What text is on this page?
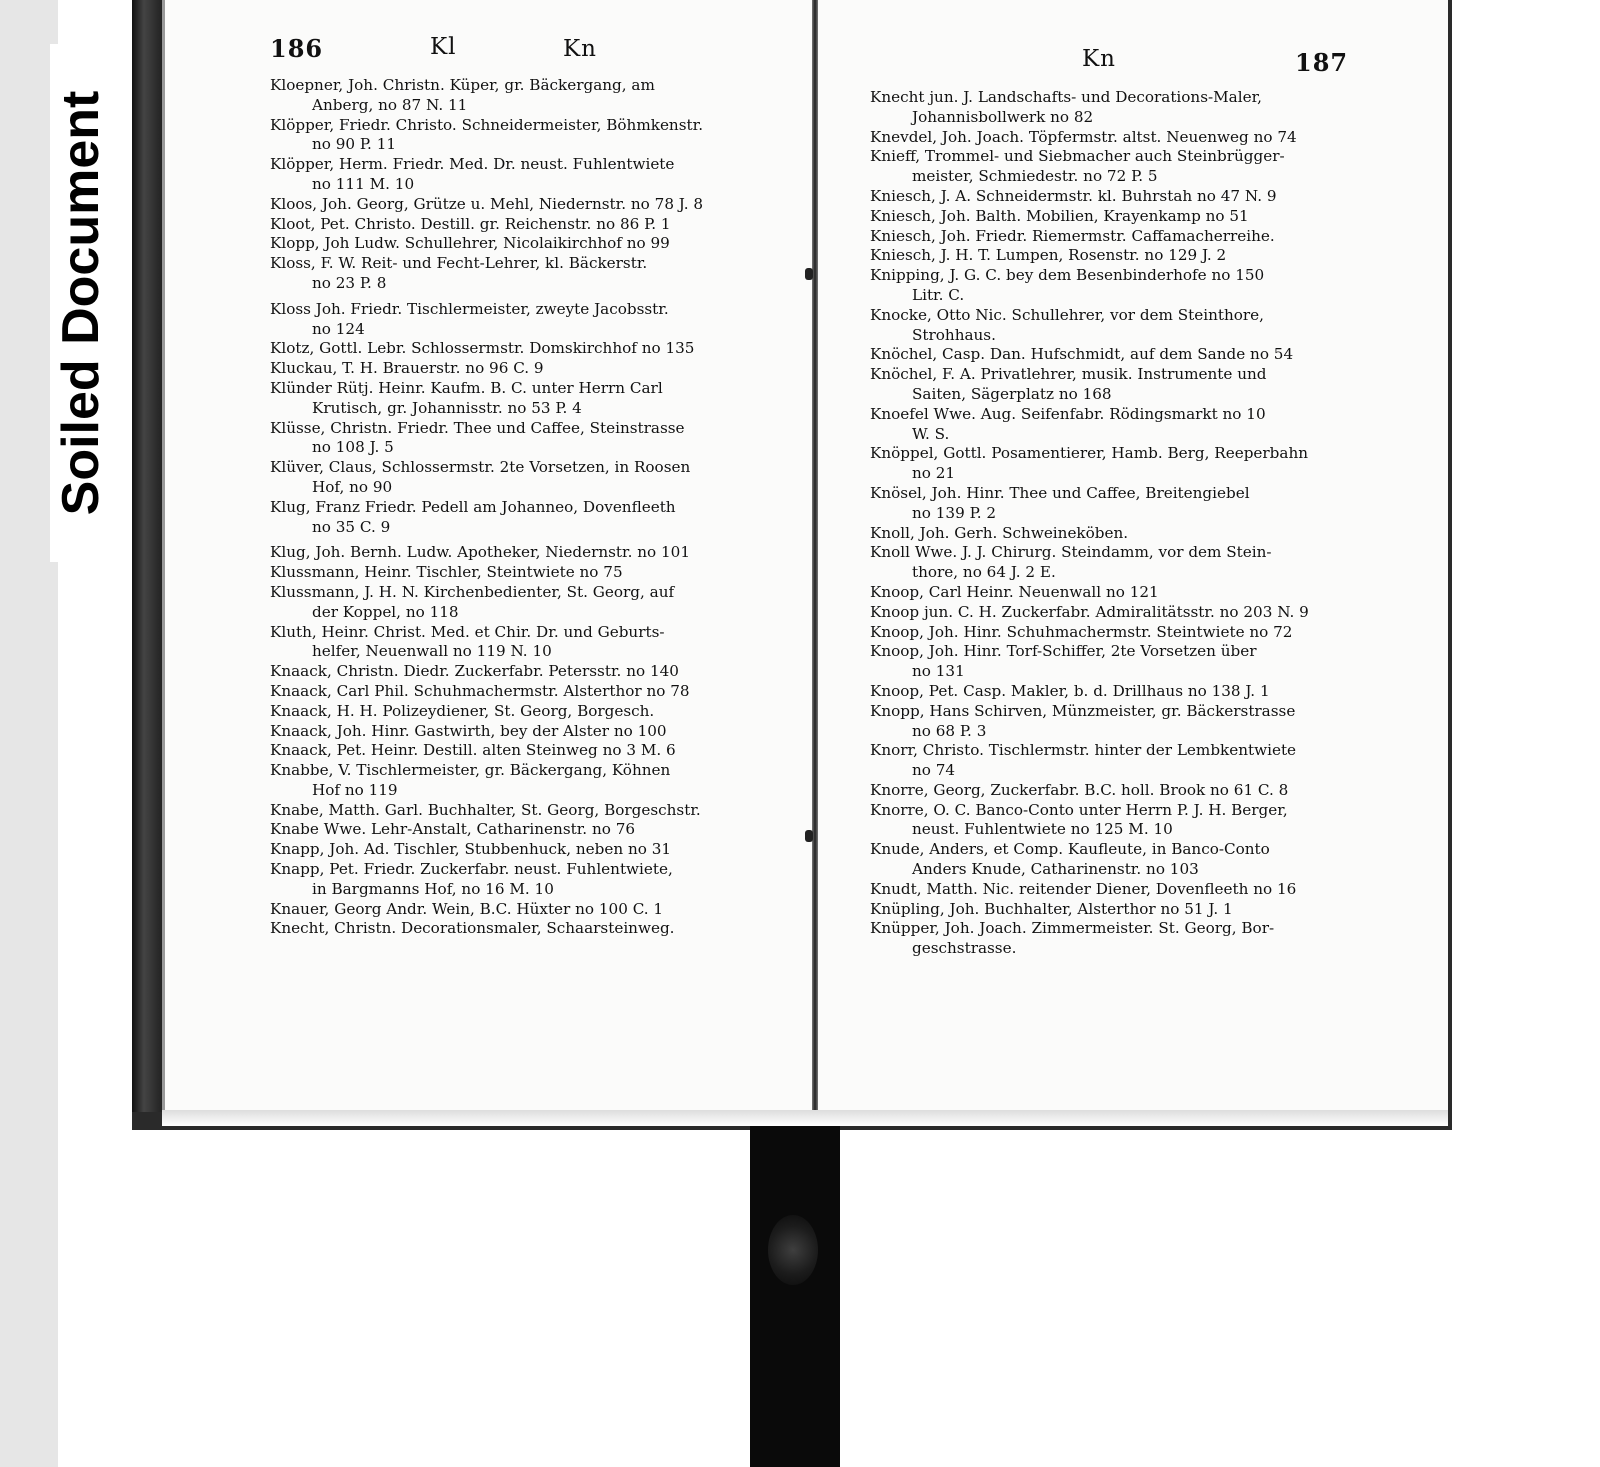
Soiled Document
186	Kl	Kn	Kn	187
Kloepner, Joh. Christn. Küper, gr. Bäckergang, am
Anberg, no 87 N. 11
Klöpper, Friedr. Christo. Schneidermeister, Böhmkenstr.
no 90 P. 11
Klöpper, Herm. Friedr. Med. Dr. neust. Fuhlentwiete
no 111 M. 10
Kloos, Joh. Georg, Grütze u. Mehl, Niedernstr. no 78 J. 8
Kloot, Pet. Christo. Destill. gr. Reichenstr. no 86 P. 1
Klopp, Joh Ludw. Schullehrer, Nicolaikirchhof no 99
Kloss, F. W. Reit- und Fecht-Lehrer, kl. Bäckerstr.
no 23 P. 8
Kloss Joh. Friedr. Tischlermeister, zweyte Jacobsstr.
no 124
Klotz, Gottl. Lebr. Schlossermstr. Domskirchhof no 135
Kluckau, T. H. Brauerstr. no 96 C. 9
Klünder Rütj. Heinr. Kaufm. B. C. unter Herrn Carl
Krutisch, gr. Johannisstr. no 53 P. 4
Klüsse, Christn. Friedr. Thee und Caffee, Steinstrasse
no 108 J. 5
Klüver, Claus, Schlossermstr. 2te Vorsetzen, in Roosen
Hof, no 90
Klug, Franz Friedr. Pedell am Johanneo, Dovenfleeth
no 35 C. 9
Klug, Joh. Bernh. Ludw. Apotheker, Niedernstr. no 101
Klussmann, Heinr. Tischler, Steintwiete no 75
Klussmann, J. H. N. Kirchenbedienter, St. Georg, auf
der Koppel, no 118
Kluth, Heinr. Christ. Med. et Chir. Dr. und Geburts-
helfer, Neuenwall no 119 N. 10
Knaack, Christn. Diedr. Zuckerfabr. Petersstr. no 140
Knaack, Carl Phil. Schuhmachermstr. Alsterthor no 78
Knaack, H. H. Polizeydiener, St. Georg, Borgesch.
Knaack, Joh. Hinr. Gastwirth, bey der Alster no 100
Knaack, Pet. Heinr. Destill. alten Steinweg no 3 M. 6
Knabbe, V. Tischlermeister, gr. Bäckergang, Köhnen
Hof no 119
Knabe, Matth. Garl. Buchhalter, St. Georg, Borgeschstr.
Knabe Wwe. Lehr-Anstalt, Catharinenstr. no 76
Knapp, Joh. Ad. Tischler, Stubbenhuck, neben no 31
Knapp, Pet. Friedr. Zuckerfabr. neust. Fuhlentwiete,
in Bargmanns Hof, no 16 M. 10
Knauer, Georg Andr. Wein, B.C. Hüxter no 100 C. 1
Knecht, Christn. Decorationsmaler, Schaarsteinweg.
Knecht jun. J. Landschafts- und Decorations-Maler,
Johannisbollwerk no 82
Knevdel, Joh. Joach. Töpfermstr. altst. Neuenweg no 74
Knieff, Trommel- und Siebmacher auch Steinbrügger-
meister, Schmiedestr. no 72 P. 5
Kniesch, J. A. Schneidermstr. kl. Buhrstah no 47 N. 9
Kniesch, Joh. Balth. Mobilien, Krayenkamp no 51
Kniesch, Joh. Friedr. Riemermstr. Caffamacherreihe.
Kniesch, J. H. T. Lumpen, Rosenstr. no 129 J. 2
Knipping, J. G. C. bey dem Besenbinderhofe no 150
Litr. C.
Knocke, Otto Nic. Schullehrer, vor dem Steinthore,
Strohhaus.
Knöchel, Casp. Dan. Hufschmidt, auf dem Sande no 54
Knöchel, F. A. Privatlehrer, musik. Instrumente und
Saiten, Sägerplatz no 168
Knoefel Wwe. Aug. Seifenfabr. Rödingsmarkt no 10
W. S.
Knöppel, Gottl. Posamentierer, Hamb. Berg, Reeperbahn
no 21
Knösel, Joh. Hinr. Thee und Caffee, Breitengiebel
no 139 P. 2
Knoll, Joh. Gerh. Schweineköben.
Knoll Wwe. J. J. Chirurg. Steindamm, vor dem Stein-
thore, no 64 J. 2 E.
Knoop, Carl Heinr. Neuenwall no 121
Knoop jun. C. H. Zuckerfabr. Admiralitätsstr. no 203 N. 9
Knoop, Joh. Hinr. Schuhmachermstr. Steintwiete no 72
Knoop, Joh. Hinr. Torf-Schiffer, 2te Vorsetzen über
no 131
Knoop, Pet. Casp. Makler, b. d. Drillhaus no 138 J. 1
Knopp, Hans Schirven, Münzmeister, gr. Bäckerstrasse
no 68 P. 3
Knorr, Christo. Tischlermstr. hinter der Lembkentwiete
no 74
Knorre, Georg, Zuckerfabr. B.C. holl. Brook no 61 C. 8
Knorre, O. C. Banco-Conto unter Herrn P. J. H. Berger,
neust. Fuhlentwiete no 125 M. 10
Knude, Anders, et Comp. Kaufleute, in Banco-Conto
Anders Knude, Catharinenstr. no 103
Knudt, Matth. Nic. reitender Diener, Dovenfleeth no 16
Knüpling, Joh. Buchhalter, Alsterthor no 51 J. 1
Knüpper, Joh. Joach. Zimmermeister. St. Georg, Bor-
geschstrasse.
